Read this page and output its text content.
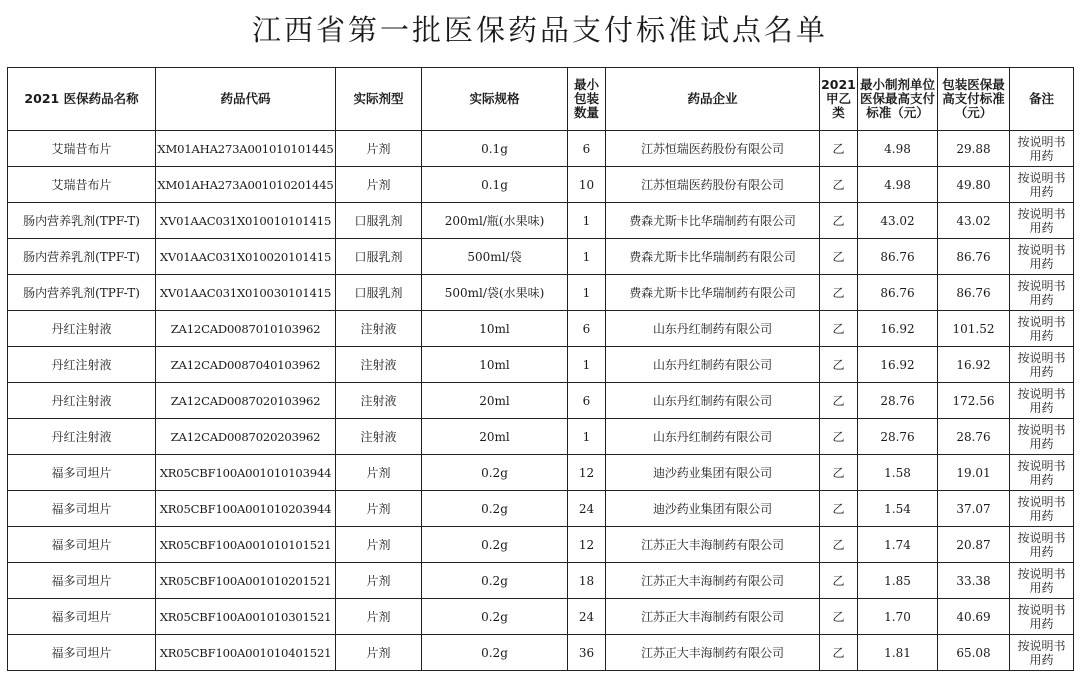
江西省第一批医保药品支付标准试点名单
2021 医保药品名称	药品代码	实际剂型	实际规格	最小包装数量	药品企业	2021甲乙类	最小制剂单位医保最高支付标准（元）	包装医保最高支付标准（元）	备注
艾瑞昔布片	XM01AHA273A001010101445	片剂	0.1g	6	江苏恒瑞医药股份有限公司	乙	4.98	29.88	按说明书用药
艾瑞昔布片	XM01AHA273A001010201445	片剂	0.1g	10	江苏恒瑞医药股份有限公司	乙	4.98	49.80	按说明书用药
肠内营养乳剂(TPF-T)	XV01AAC031X010010101415	口服乳剂	200ml/瓶(水果味)	1	费森尤斯卡比华瑞制药有限公司	乙	43.02	43.02	按说明书用药
肠内营养乳剂(TPF-T)	XV01AAC031X010020101415	口服乳剂	500ml/袋	1	费森尤斯卡比华瑞制药有限公司	乙	86.76	86.76	按说明书用药
肠内营养乳剂(TPF-T)	XV01AAC031X010030101415	口服乳剂	500ml/袋(水果味)	1	费森尤斯卡比华瑞制药有限公司	乙	86.76	86.76	按说明书用药
丹红注射液	ZA12CAD0087010103962	注射液	10ml	6	山东丹红制药有限公司	乙	16.92	101.52	按说明书用药
丹红注射液	ZA12CAD0087040103962	注射液	10ml	1	山东丹红制药有限公司	乙	16.92	16.92	按说明书用药
丹红注射液	ZA12CAD0087020103962	注射液	20ml	6	山东丹红制药有限公司	乙	28.76	172.56	按说明书用药
丹红注射液	ZA12CAD0087020203962	注射液	20ml	1	山东丹红制药有限公司	乙	28.76	28.76	按说明书用药
福多司坦片	XR05CBF100A001010103944	片剂	0.2g	12	迪沙药业集团有限公司	乙	1.58	19.01	按说明书用药
福多司坦片	XR05CBF100A001010203944	片剂	0.2g	24	迪沙药业集团有限公司	乙	1.54	37.07	按说明书用药
福多司坦片	XR05CBF100A001010101521	片剂	0.2g	12	江苏正大丰海制药有限公司	乙	1.74	20.87	按说明书用药
福多司坦片	XR05CBF100A001010201521	片剂	0.2g	18	江苏正大丰海制药有限公司	乙	1.85	33.38	按说明书用药
福多司坦片	XR05CBF100A001010301521	片剂	0.2g	24	江苏正大丰海制药有限公司	乙	1.70	40.69	按说明书用药
福多司坦片	XR05CBF100A001010401521	片剂	0.2g	36	江苏正大丰海制药有限公司	乙	1.81	65.08	按说明书用药
